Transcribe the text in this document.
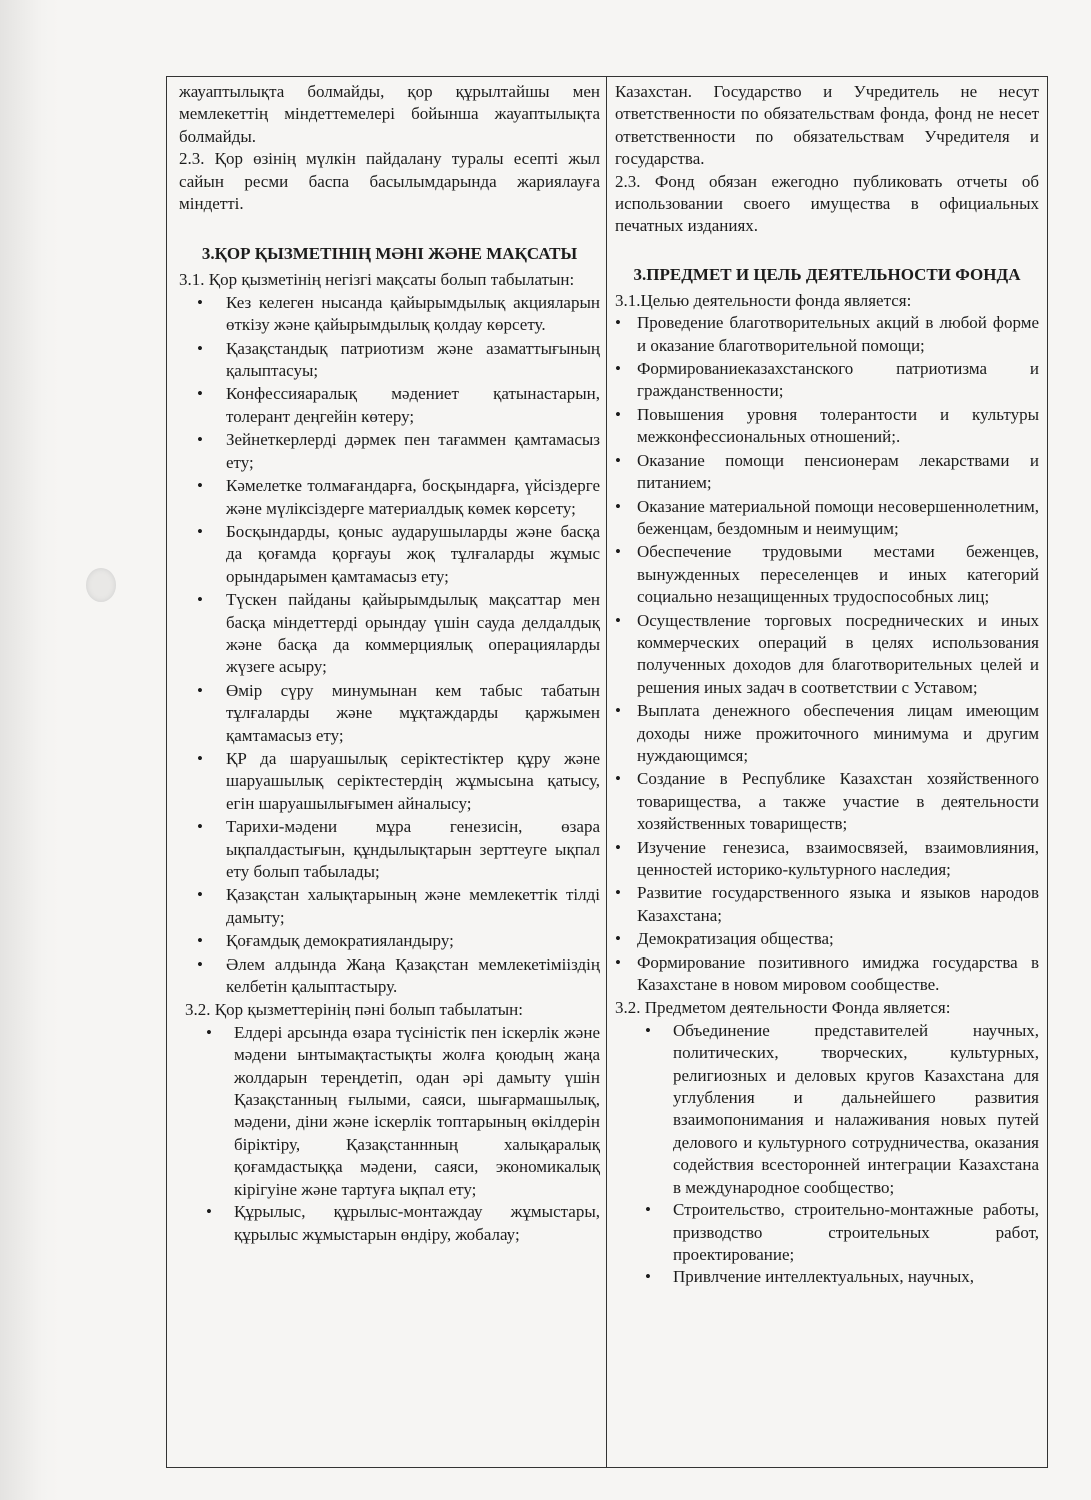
жауаптылықта болмайды, қор құрылтайшы мен мемлекеттің міндеттемелері бойынша жауаптылықта болмайды.

2.3. Қор өзінің мүлкін пайдалану туралы есепті жыл сайын ресми баспа басылымдарында жариялауға міндетті.

3.ҚОР ҚЫЗМЕТІНІҢ МӘНІ ЖӘНЕ МАҚСАТЫ

3.1. Қор қызметінің негізгі мақсаты болып табылатын:

• Кез келеген нысанда қайырымдылық акцияларын өткізу және қайырымдылық қолдау көрсету.
• Қазақстандық патриотизм және азаматтығының қалыптасуы;
• Конфессияаралық мәдениет қатынастарын, толерант деңгейін көтеру;
• Зейнеткерлерді дәрмек пен тағаммен қамтамасыз ету;
• Кәмелетке толмағандарға, босқындарға, үйсіздерге және мүліксіздерге материалдық көмек көрсету;
• Босқындарды, қоныс аударушыларды және басқа да қоғамда қорғауы жоқ тұлғаларды жұмыс орындарымен қамтамасыз ету;
• Түскен пайданы қайырымдылық мақсаттар мен басқа міндеттерді орындау үшін сауда делдалдық және басқа да коммерциялық операцияларды жүзеге асыру;
• Өмір сүру минумынан кем табыс табатын тұлғаларды және мұқтаждарды қаржымен қамтамасыз ету;
• ҚР да шаруашылық серіктестіктер құру және шаруашылық серіктестердің жұмысына қатысу, егін шаруашылығымен айналысу;
• Тарихи-мәдени мұра генезисін, өзара ықпалдастығын, құндылықтарын зерттеуге ықпал ету болып табылады;
• Қазақстан халықтарының және мемлекеттік тілді дамыту;
• Қоғамдық демократияландыру;
• Әлем алдында Жаңа Қазақстан мемлекетімііздің келбетін қалыптастыру.

3.2. Қор қызметтерінің пәні болып табылатын:

• Елдері арсында өзара түсіністік пен іскерлік және мәдени ынтымақтастықты жолға қоюдың жаңа жолдарын тереңдетіп, одан әрі дамыту үшін Қазақстанның ғылыми, саяси, шығармашылық, мәдени, діни және іскерлік топтарының өкілдерін біріктіру, Қазақстаннның халықаралық қоғамдастыққа мәдени, саяси, экономикалық кірігуіне және тартуға ықпал ету;
• Құрылыс, құрылыс-монтаждау жұмыстары, құрылыс жұмыстарын өндіру, жобалау;

Казахстан. Государство и Учредитель не несут ответственности по обязательствам фонда, фонд не несет ответственности по обязательствам Учредителя и государства.

2.3. Фонд обязан ежегодно публиковать отчеты об использовании своего имущества в официальных печатных изданиях.

3.ПРЕДМЕТ И ЦЕЛЬ ДЕЯТЕЛЬНОСТИ ФОНДА

3.1.Целью деятельности фонда является:

• Проведение благотворительных акций в любой форме и оказание благотворительной помощи;
• Формированиеказахстанского патриотизма и гражданственности;
• Повышения уровня толерантости и культуры межконфессиональных отношений;.
• Оказание помощи пенсионерам лекарствами и питанием;
• Оказание материальной помощи несовершеннолетним, беженцам, бездомным и неимущим;
• Обеспечение трудовыми местами беженцев, вынужденных переселенцев и иных категорий социально незащищенных трудоспособных лиц;
• Осуществление торговых посреднических и иных коммерческих операций в целях использования полученных доходов для благотворительных целей и решения иных задач в соответствии с Уставом;
• Выплата денежного обеспечения лицам имеющим доходы ниже прожиточного минимума и другим нуждающимся;
• Создание в Республике Казахстан хозяйственного товарищества, а также участие в деятельности хозяйственных товариществ;
• Изучение генезиса, взаимосвязей, взаимовлияния, ценностей историко-культурного наследия;
• Развитие государственного языка и языков народов Казахстана;
• Демократизация общества;
• Формирование позитивного имиджа государства в Казахстане в новом мировом сообществе.

3.2. Предметом деятельности Фонда является:

• Объединение представителей научных, политических, творческих, культурных, религиозных и деловых кругов Казахстана для углубления и дальнейшего развития взаимопонимания и налаживания новых путей делового и культурного сотрудничества, оказания содействия всесторонней интеграции Казахстана в международное сообщество;
• Строительство, строительно-монтажные работы, призводство строительных работ, проектирование;
• Привлчение интеллектуальных, научных,
